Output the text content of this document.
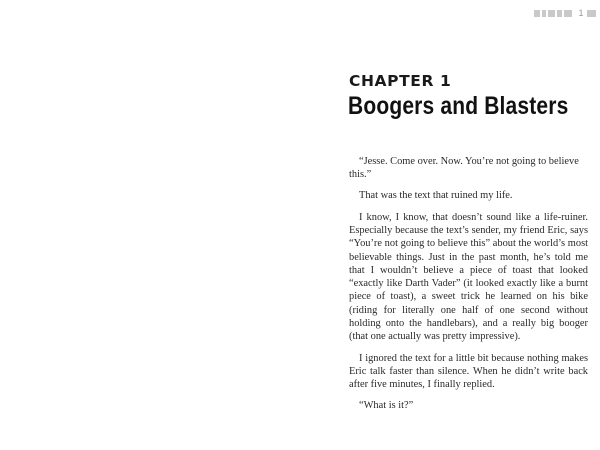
1
CHAPTER 1
Boogers and Blasters

“Jesse. Come over. Now. You’re not going to believe this.”

That was the text that ruined my life.

I know, I know, that doesn’t sound like a life-ruiner. Especially because the text’s sender, my friend Eric, says “You’re not going to believe this” about the world’s most believable things. Just in the past month, he’s told me that I wouldn’t believe a piece of toast that looked “exactly like Darth Vader” (it looked exactly like a burnt piece of toast), a sweet trick he learned on his bike (riding for literally one half of one second without holding onto the handlebars), and a really big booger (that one actually was pretty impressive).

I ignored the text for a little bit because nothing makes Eric talk faster than silence. When he didn’t write back after five minutes, I finally replied.

“What is it?”
